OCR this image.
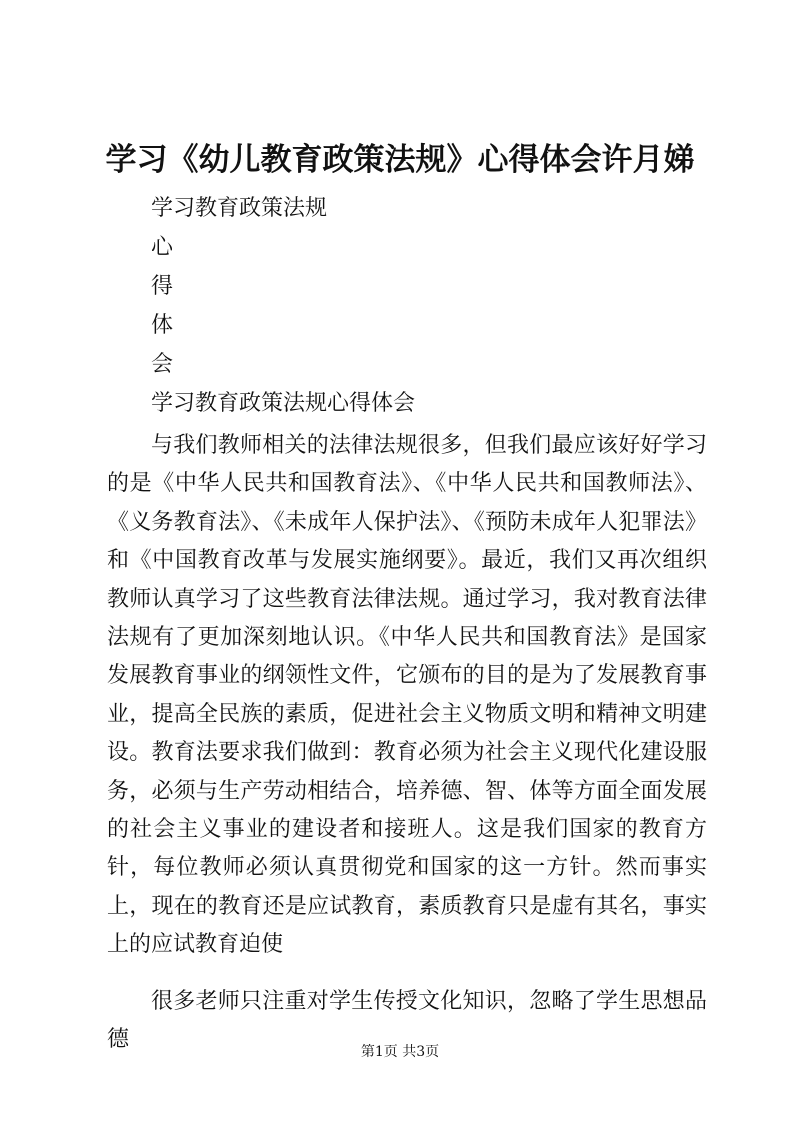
学习《幼儿教育政策法规》心得体会许月娣
学习教育政策法规
心
得
体
会
学习教育政策法规心得体会

与我们教师相关的法律法规很多，但我们最应该好好学习的是《中华人民共和国教育法》、《中华人民共和国教师法》、《义务教育法》、《未成年人保护法》、《预防未成年人犯罪法》和《中国教育改革与发展实施纲要》。最近，我们又再次组织教师认真学习了这些教育法律法规。通过学习，我对教育法律法规有了更加深刻地认识。《中华人民共和国教育法》是国家发展教育事业的纲领性文件，它颁布的目的是为了发展教育事业，提高全民族的素质，促进社会主义物质文明和精神文明建设。教育法要求我们做到：教育必须为社会主义现代化建设服务，必须与生产劳动相结合，培养德、智、体等方面全面发展的社会主义事业的建设者和接班人。这是我们国家的教育方针，每位教师必须认真贯彻党和国家的这一方针。然而事实上，现在的教育还是应试教育，素质教育只是虚有其名，事实上的应试教育迫使

很多老师只注重对学生传授文化知识，忽略了学生思想品德	第1页 共3页
